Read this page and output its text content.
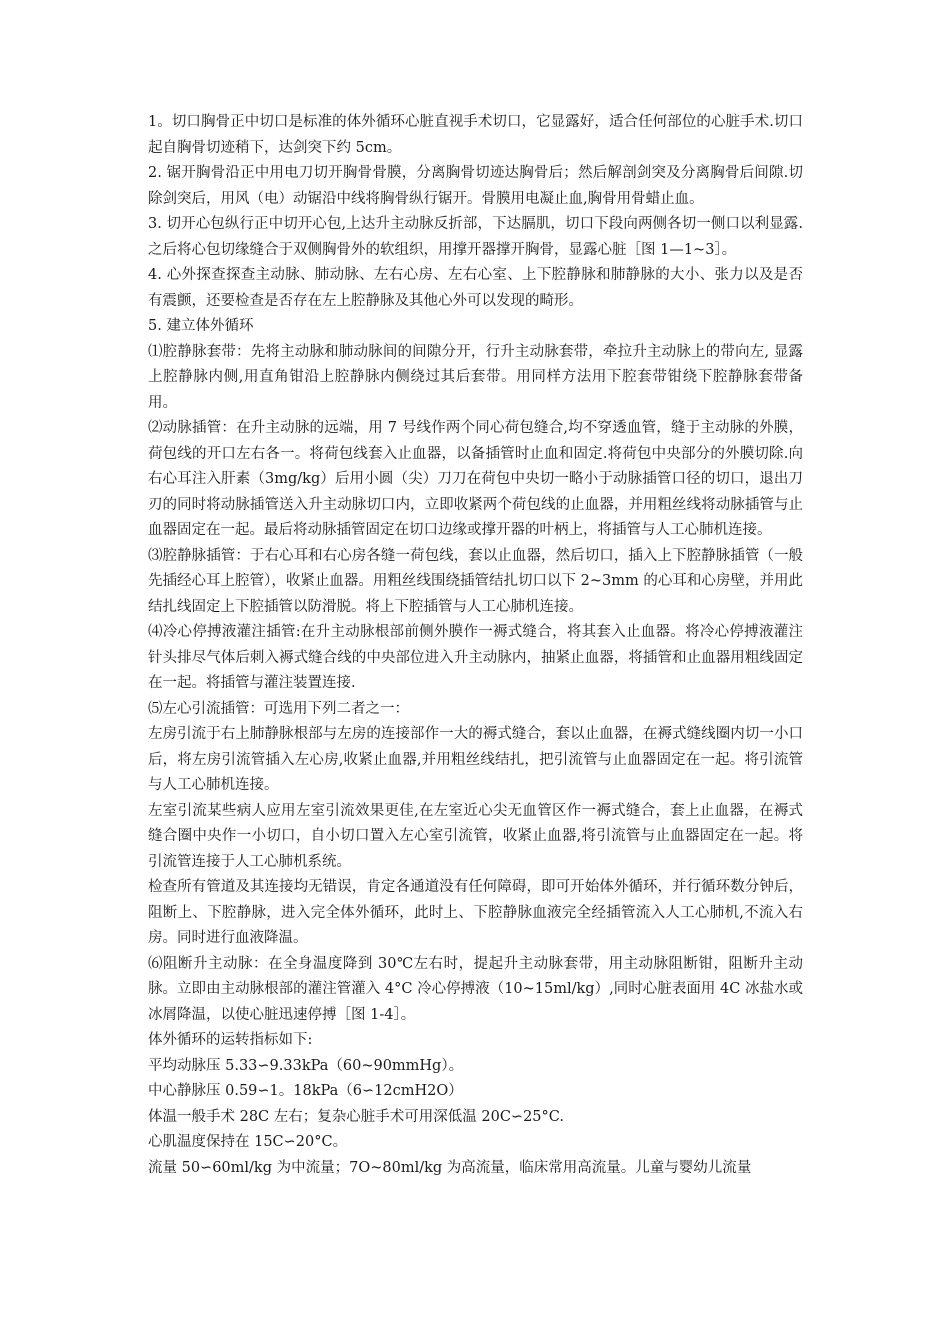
1。切口胸骨正中切口是标准的体外循环心脏直视手术切口，它显露好，适合任何部位的心脏手术.切口起自胸骨切迹稍下，达剑突下约 5cm。

2. 锯开胸骨沿正中用电刀切开胸骨骨膜，分离胸骨切迹达胸骨后；然后解剖剑突及分离胸骨后间隙.切除剑突后，用风（电）动锯沿中线将胸骨纵行锯开。骨膜用电凝止血,胸骨用骨蜡止血。

3. 切开心包纵行正中切开心包,上达升主动脉反折部，下达膈肌，切口下段向两侧各切一侧口以利显露.之后将心包切缘缝合于双侧胸骨外的软组织，用撑开器撑开胸骨，显露心脏［图 1—1~3］。

4. 心外探查探查主动脉、肺动脉、左右心房、左右心室、上下腔静脉和肺静脉的大小、张力以及是否有震颤，还要检查是否存在左上腔静脉及其他心外可以发现的畸形。

5. 建立体外循环

⑴腔静脉套带：先将主动脉和肺动脉间的间隙分开，行升主动脉套带，牵拉升主动脉上的带向左, 显露上腔静脉内侧,用直角钳沿上腔静脉内侧绕过其后套带。用同样方法用下腔套带钳绕下腔静脉套带备用。

⑵动脉插管：在升主动脉的远端，用 7 号线作两个同心荷包缝合,均不穿透血管，缝于主动脉的外膜，荷包线的开口左右各一。将荷包线套入止血器，以备插管时止血和固定.将荷包中央部分的外膜切除.向右心耳注入肝素（3mg/kg）后用小圆（尖）刀刀在荷包中央切一略小于动脉插管口径的切口，退出刀刃的同时将动脉插管送入升主动脉切口内，立即收紧两个荷包线的止血器，并用粗丝线将动脉插管与止血器固定在一起。最后将动脉插管固定在切口边缘或撑开器的叶柄上，将插管与人工心肺机连接。

⑶腔静脉插管：于右心耳和右心房各缝一荷包线，套以止血器，然后切口，插入上下腔静脉插管（一般先插经心耳上腔管），收紧止血器。用粗丝线围绕插管结扎切口以下 2~3mm 的心耳和心房壁，并用此结扎线固定上下腔插管以防滑脱。将上下腔插管与人工心肺机连接。

⑷冷心停搏液灌注插管:在升主动脉根部前侧外膜作一褥式缝合，将其套入止血器。将冷心停搏液灌注针头排尽气体后刺入褥式缝合线的中央部位进入升主动脉内，抽紧止血器，将插管和止血器用粗线固定在一起。将插管与灌注装置连接.

⑸左心引流插管：可选用下列二者之一：

左房引流于右上肺静脉根部与左房的连接部作一大的褥式缝合，套以止血器，在褥式缝线圈内切一小口后，将左房引流管插入左心房,收紧止血器,并用粗丝线结扎，把引流管与止血器固定在一起。将引流管与人工心肺机连接。

左室引流某些病人应用左室引流效果更佳,在左室近心尖无血管区作一褥式缝合，套上止血器，在褥式缝合圈中央作一小切口，自小切口置入左心室引流管，收紧止血器,将引流管与止血器固定在一起。将引流管连接于人工心肺机系统。

检查所有管道及其连接均无错误，肯定各通道没有任何障碍，即可开始体外循环，并行循环数分钟后，阻断上、下腔静脉，进入完全体外循环，此时上、下腔静脉血液完全经插管流入人工心肺机,不流入右房。同时进行血液降温。

⑹阻断升主动脉：在全身温度降到 30℃左右时，提起升主动脉套带，用主动脉阻断钳，阻断升主动脉。立即由主动脉根部的灌注管灌入 4°C 冷心停搏液（10~15ml/kg）,同时心脏表面用 4C 冰盐水或冰屑降温，以使心脏迅速停搏［图 1-4］。

体外循环的运转指标如下:

平均动脉压 5.33∽9.33kPa（60~90mmHg）。

中心静脉压 0.59∽1。18kPa（6∽12cmH2O）

体温一般手术 28C 左右；复杂心脏手术可用深低温 20C∽25°C.

心肌温度保持在 15C∽20°C。

流量 50∽60ml/kg 为中流量；7O~80ml/kg 为高流量，临床常用高流量。儿童与婴幼儿流量
